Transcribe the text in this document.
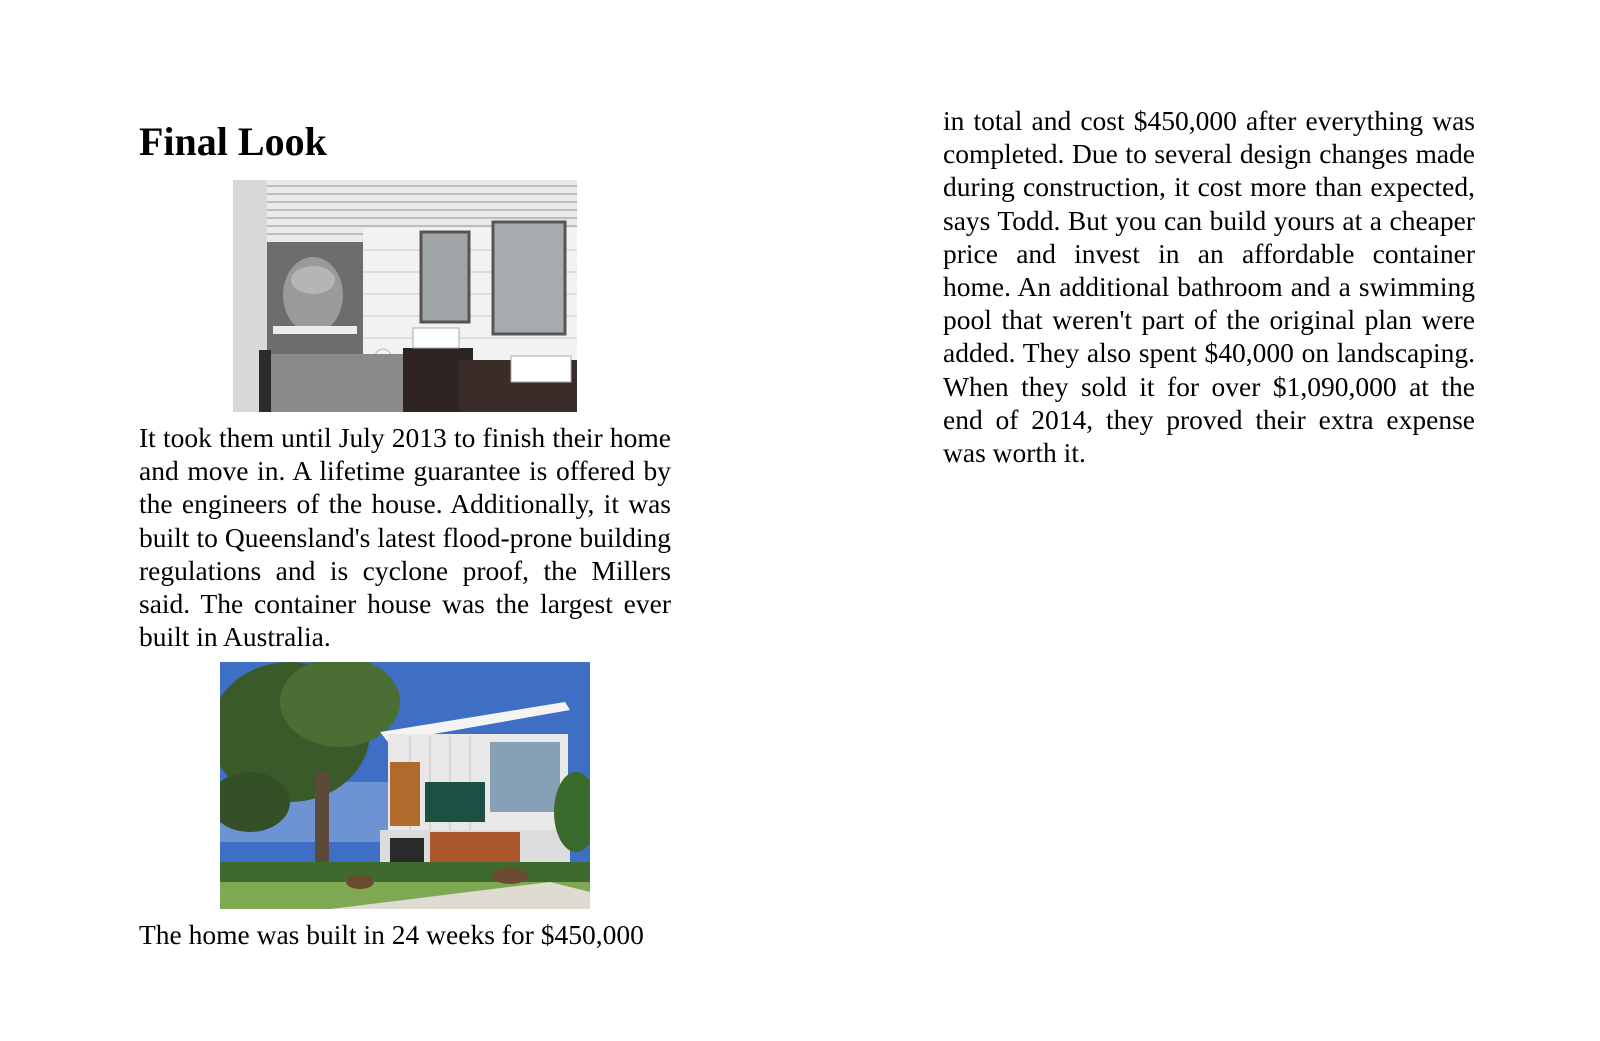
Final Look

It took them until July 2013 to finish their home and move in. A lifetime guarantee is offered by the engineers of the house. Additionally, it was built to Queensland's latest flood-prone building regulations and is cyclone proof, the Millers said. The container house was the largest ever built in Australia.

The home was built in 24 weeks for $450,000

in total and cost $450,000 after everything was completed. Due to several design changes made during construction, it cost more than expected, says Todd. But you can build yours at a cheaper price and invest in an affordable container home. An additional bathroom and a swimming pool that weren't part of the original plan were added. They also spent $40,000 on landscaping. When they sold it for over $1,090,000 at the end of 2014, they proved their extra expense was worth it.
